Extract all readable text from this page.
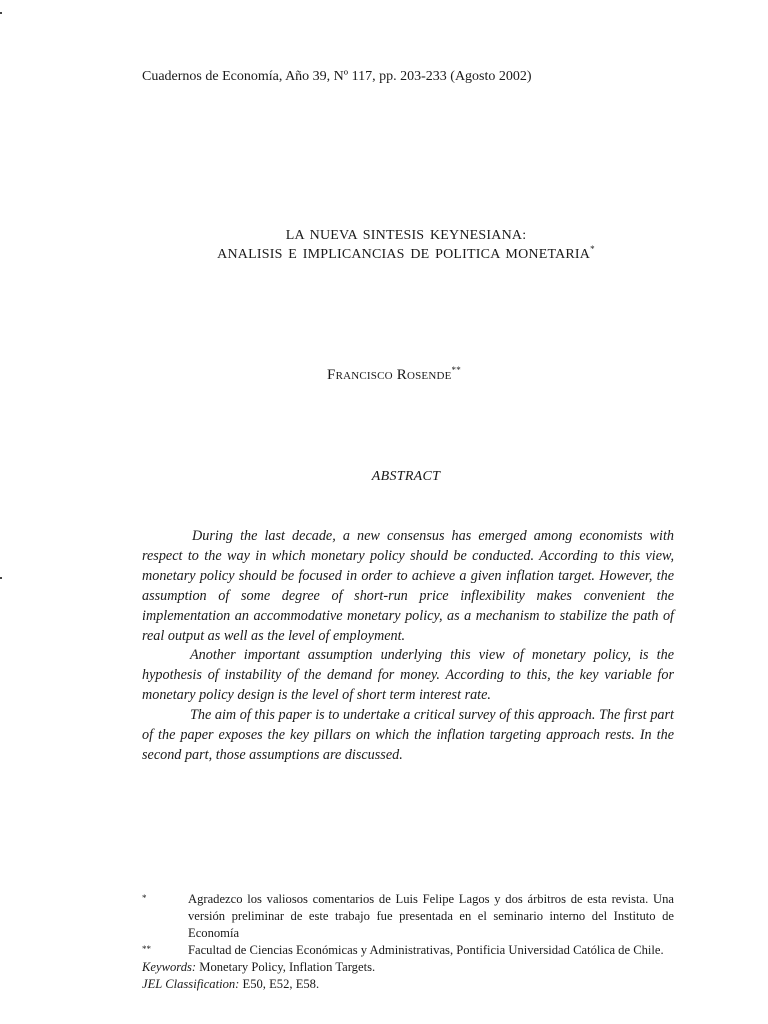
Cuadernos de Economía, Año 39, Nº 117, pp. 203-233 (Agosto 2002)
LA NUEVA SINTESIS KEYNESIANA:
ANALISIS E IMPLICANCIAS DE POLITICA MONETARIA*
Francisco Rosende**
ABSTRACT

During the last decade, a new consensus has emerged among economists with respect to the way in which monetary policy should be conducted. According to this view, monetary policy should be focused in order to achieve a given inflation target. However, the assumption of some degree of short-run price inflexibility makes convenient the implementation an accommodative monetary policy, as a mechanism to stabilize the path of real output as well as the level of employment.

Another important assumption underlying this view of monetary policy, is the hypothesis of instability of the demand for money. According to this, the key variable for monetary policy design is the level of short term interest rate.

The aim of this paper is to undertake a critical survey of this approach. The first part of the paper exposes the key pillars on which the inflation targeting approach rests. In the second part, those assumptions are discussed.

*	Agradezco los valiosos comentarios de Luis Felipe Lagos y dos árbitros de esta revista. Una versión preliminar de este trabajo fue presentada en el seminario interno del Instituto de Economía
**	Facultad de Ciencias Económicas y Administrativas, Pontificia Universidad Católica de Chile.
Keywords: Monetary Policy, Inflation Targets.
JEL Classification: E50, E52, E58.
